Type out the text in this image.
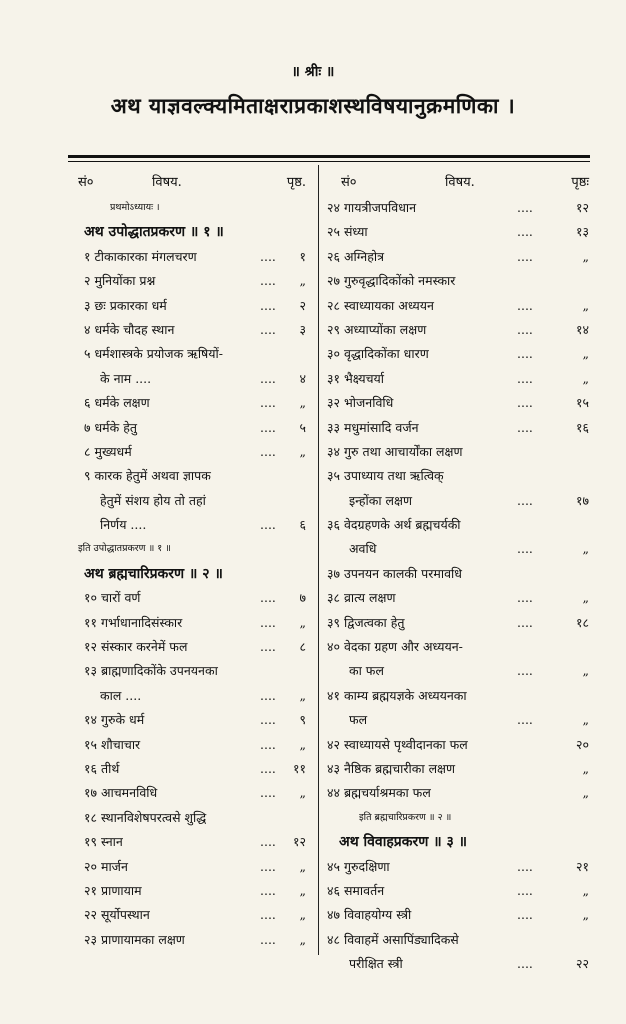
॥ श्रीः ॥
अथ याज्ञवल्क्यमिताक्षराप्रकाशस्थविषयानुक्रमणिका ।
सं०	विषय.	पृष्ठ.
प्रथमोऽध्यायः ।
अथ उपोद्धातप्रकरण ॥ १ ॥
१ टीकाकारका मंगलचरण	.... १
२ मुनियोंका प्रश्न	.... „
३ छः प्रकारका धर्म	.... २
४ धर्मके चौदह स्थान	.... ३
५ धर्मशास्त्रके प्रयोजक ऋषियों-
के नाम ....	.... ४
६ धर्मके लक्षण	.... „
७ धर्मके हेतु	.... ५
८ मुख्यधर्म	.... „
९ कारक हेतुमें अथवा ज्ञापक
हेतुमें संशय होय तो तहां
निर्णय ....	.... ६
इति उपोद्धातप्रकरण ॥ १ ॥
अथ ब्रह्मचारिप्रकरण ॥ २ ॥
१० चारों वर्ण	.... ७
११ गर्भाधानादिसंस्कार	.... „
१२ संस्कार करनेमें फल	.... ८
१३ ब्राह्मणादिकोंके उपनयनका
काल ....	.... „
१४ गुरुके धर्म	.... ९
१५ शौचाचार	.... „
१६ तीर्थ	.... ११
१७ आचमनविधि	.... „
१८ स्थानविशेषपरत्वसे शुद्धि
१९ स्नान	.... १२
२० मार्जन	.... „
२१ प्राणायाम	.... „
२२ सूर्योपस्थान	.... „
२३ प्राणायामका लक्षण	.... „
सं०	विषय.	पृष्ठः
२४ गायत्रीजपविधान	....	१२
२५ संध्या	....	१३
२६ अग्निहोत्र	....	„
२७ गुरुवृद्धादिकोंको नमस्कार
२८ स्वाध्यायका अध्ययन	....	„
२९ अध्याप्योंका लक्षण	....	१४
३० वृद्धादिकोंका धारण	....	„
३१ भैक्ष्यचर्या	....	„
३२ भोजनविधि	....	१५
३३ मधुमांसादि वर्जन	....	१६
३४ गुरु तथा आचार्योंका लक्षण
३५ उपाध्याय तथा ऋत्विक्
इन्होंका लक्षण	....	१७
३६ वेदग्रहणके अर्थ ब्रह्मचर्यकी
अवधि	....	„
३७ उपनयन कालकी परमावधि
३८ व्रात्य लक्षण	....	„
३९ द्विजत्वका हेतु	....	१८
४० वेदका ग्रहण और अध्ययन-
का फल	....	„
४१ काम्य ब्रह्मयज्ञके अध्ययनका
फल	....	„
४२ स्वाध्यायसे पृथ्वीदानका फल	२०
४३ नैष्ठिक ब्रह्मचारीका लक्षण	„
४४ ब्रह्मचर्याश्रमका फल	„
इति ब्रह्मचारिप्रकरण ॥ २ ॥
अथ विवाहप्रकरण ॥ ३ ॥
४५ गुरुदक्षिणा	....	२१
४६ समावर्तन	....	„
४७ विवाहयोग्य स्त्री	....	„
४८ विवाहमें असापिंड्यादिकसे
परीक्षित स्त्री	....	२२
